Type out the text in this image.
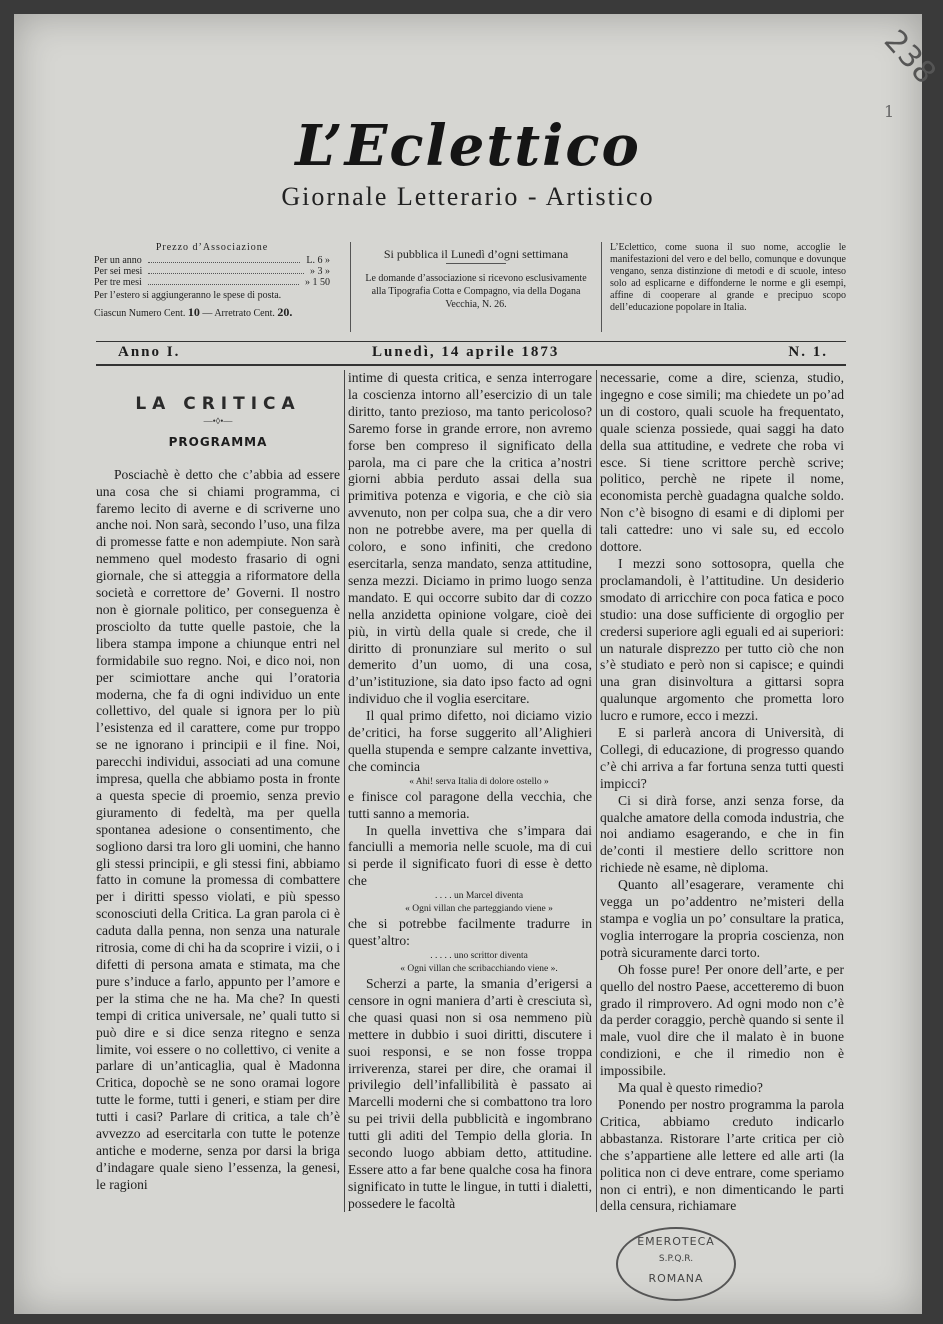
238
1
L’Eclettico
Giornale Letterario - Artistico
Prezzo d’Associazione
Per un anno	L. 6 »
Per sei mesi	» 3 »
Per tre mesi	» 1 50
Per l’estero si aggiungeranno le spese di posta.
Ciascun Numero Cent. 10 — Arretrato Cent. 20.
Si pubblica il Lunedì d’ogni settimana
Le domande d’associazione si ricevono esclusivamente alla Tipografia Cotta e Compagno, via della Dogana Vecchia, N. 26.
L’Eclettico, come suona il suo nome, accoglie le manifestazioni del vero e del bello, comunque e dovunque vengano, senza distinzione di metodi e di scuole, inteso solo ad esplicarne e diffonderne le norme e gli esempi, affine di cooperare al grande e precipuo scopo dell’educazione popolare in Italia.
Anno I.	Lunedì, 14 aprile 1873	N. 1.
LA CRITICA
—•◊•—
PROGRAMMA

Posciachè è detto che c’abbia ad essere una cosa che si chiami programma, ci faremo lecito di averne e di scriverne uno anche noi. Non sarà, secondo l’uso, una filza di promesse fatte e non adempiute. Non sarà nemmeno quel modesto frasario di ogni giornale, che si atteggia a riformatore della società e correttore de’ Governi. Il nostro non è giornale politico, per conseguenza è prosciolto da tutte quelle pastoie, che la libera stampa impone a chiunque entri nel formidabile suo regno. Noi, e dico noi, non per scimiottare anche qui l’oratoria moderna, che fa di ogni individuo un ente collettivo, del quale si ignora per lo più l’esistenza ed il carattere, come pur troppo se ne ignorano i principii e il fine. Noi, parecchi individui, associati ad una comune impresa, quella che abbiamo posta in fronte a questa specie di proemio, senza previo giuramento di fedeltà, ma per quella spontanea adesione o consentimento, che sogliono darsi tra loro gli uomini, che hanno gli stessi principii, e gli stessi fini, abbiamo fatto in comune la promessa di combattere per i diritti spesso violati, e più spesso sconosciuti della Critica. La gran parola ci è caduta dalla penna, non senza una naturale ritrosia, come di chi ha da scoprire i vizii, o i difetti di persona amata e stimata, ma che pure s’induce a farlo, appunto per l’amore e per la stima che ne ha. Ma che? In questi tempi di critica universale, ne’ quali tutto si può dire e si dice senza ritegno e senza limite, voi essere o no collettivo, ci venite a parlare di un’anticaglia, qual è Madonna Critica, dopochè se ne sono oramai logore tutte le forme, tutti i generi, e stiam per dire tutti i casi? Parlare di critica, a tale ch’è avvezzo ad esercitarla con tutte le potenze antiche e moderne, senza por darsi la briga d’indagare quale sieno l’essenza, la genesi, le ragioni

intime di questa critica, e senza interrogare la coscienza intorno all’esercizio di un tale diritto, tanto prezioso, ma tanto pericoloso? Saremo forse in grande errore, non avremo forse ben compreso il significato della parola, ma ci pare che la critica a’nostri giorni abbia perduto assai della sua primitiva potenza e vigoria, e che ciò sia avvenuto, non per colpa sua, che a dir vero non ne potrebbe avere, ma per quella di coloro, e sono infiniti, che credono esercitarla, senza mandato, senza attitudine, senza mezzi. Diciamo in primo luogo senza mandato. E qui occorre subito dar di cozzo nella anzidetta opinione volgare, cioè dei più, in virtù della quale si crede, che il diritto di pronunziare sul merito o sul demerito d’un uomo, di una cosa, d’un’istituzione, sia dato ipso facto ad ogni individuo che il voglia esercitare.

Il qual primo difetto, noi diciamo vizio de’critici, ha forse suggerito all’Alighieri quella stupenda e sempre calzante invettiva, che comincia

« Ahi! serva Italia di dolore ostello »

e finisce col paragone della vecchia, che tutti sanno a memoria.

In quella invettiva che s’impara dai fanciulli a memoria nelle scuole, ma di cui si perde il significato fuori di esse è detto che

. . . . un Marcel diventa

« Ogni villan che parteggiando viene »

che si potrebbe facilmente tradurre in quest’altro:

. . . . . uno scrittor diventa

« Ogni villan che scribacchiando viene ».

Scherzi a parte, la smania d’erigersi a censore in ogni maniera d’arti è cresciuta sì, che quasi quasi non si osa nemmeno più mettere in dubbio i suoi diritti, discutere i suoi responsi, e se non fosse troppa irriverenza, starei per dire, che oramai il privilegio dell’infallibilità è passato ai Marcelli moderni che si combattono tra loro su pei trivii della pubblicità e ingombrano tutti gli aditi del Tempio della gloria. In secondo luogo abbiam detto, attitudine. Essere atto a far bene qualche cosa ha finora significato in tutte le lingue, in tutti i dialetti, possedere le facoltà

necessarie, come a dire, scienza, studio, ingegno e cose simili; ma chiedete un po’ad un di costoro, quali scuole ha frequentato, quale scienza possiede, quai saggi ha dato della sua attitudine, e vedrete che roba vi esce. Si tiene scrittore perchè scrive; politico, perchè ne ripete il nome, economista perchè guadagna qualche soldo. Non c’è bisogno di esami e di diplomi per tali cattedre: uno vi sale su, ed eccolo dottore.

I mezzi sono sottosopra, quella che proclamandoli, è l’attitudine. Un desiderio smodato di arricchire con poca fatica e poco studio: una dose sufficiente di orgoglio per credersi superiore agli eguali ed ai superiori: un naturale disprezzo per tutto ciò che non s’è studiato e però non si capisce; e quindi una gran disinvoltura a gittarsi sopra qualunque argomento che prometta loro lucro e rumore, ecco i mezzi.

E si parlerà ancora di Università, di Collegi, di educazione, di progresso quando c’è chi arriva a far fortuna senza tutti questi impicci?

Ci si dirà forse, anzi senza forse, da qualche amatore della comoda industria, che noi andiamo esagerando, e che in fin de’conti il mestiere dello scrittore non richiede nè esame, nè diploma.

Quanto all’esagerare, veramente chi vegga un po’addentro ne’misteri della stampa e voglia un po’ consultare la pratica, voglia interrogare la propria coscienza, non potrà sicuramente darci torto.

Oh fosse pure! Per onore dell’arte, e per quello del nostro Paese, accetteremo di buon grado il rimprovero. Ad ogni modo non c’è da perder coraggio, perchè quando si sente il male, vuol dire che il malato è in buone condizioni, e che il rimedio non è impossibile.

Ma qual è questo rimedio?

Ponendo per nostro programma la parola Critica, abbiamo creduto indicarlo abbastanza. Ristorare l’arte critica per ciò che s’appartiene alle lettere ed alle arti (la politica non ci deve entrare, come speriamo non ci entri), e non dimenticando le parti della censura, richiamare

EMEROTECA
S.P.Q.R.
ROMANA
